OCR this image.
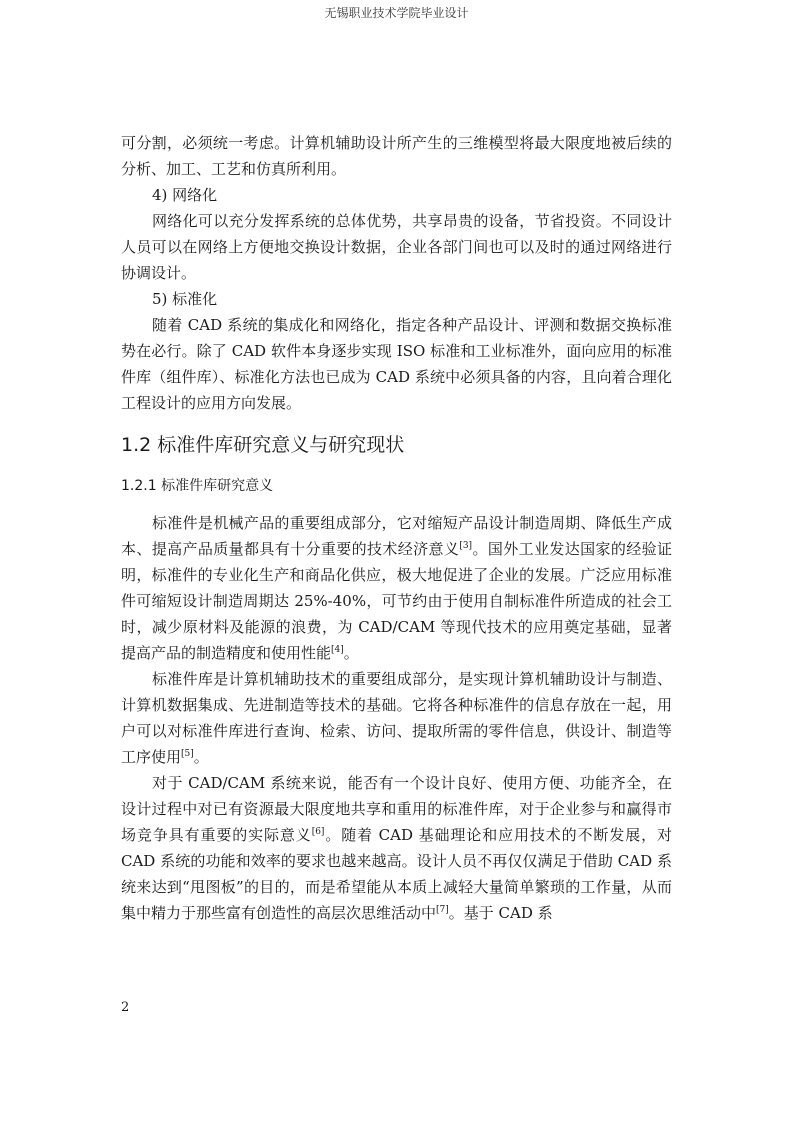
无锡职业技术学院毕业设计

可分割，必须统一考虑。计算机辅助设计所产生的三维模型将最大限度地被后续的分析、加工、工艺和仿真所利用。

4) 网络化

网络化可以充分发挥系统的总体优势，共享昂贵的设备，节省投资。不同设计人员可以在网络上方便地交换设计数据，企业各部门间也可以及时的通过网络进行协调设计。

5) 标准化

随着 CAD 系统的集成化和网络化，指定各种产品设计、评测和数据交换标准势在必行。除了 CAD 软件本身逐步实现 ISO 标准和工业标准外，面向应用的标准件库（组件库）、标准化方法也已成为 CAD 系统中必须具备的内容，且向着合理化工程设计的应用方向发展。

1.2 标准件库研究意义与研究现状
1.2.1 标准件库研究意义

标准件是机械产品的重要组成部分，它对缩短产品设计制造周期、降低生产成本、提高产品质量都具有十分重要的技术经济意义[3]。国外工业发达国家的经验证明，标准件的专业化生产和商品化供应，极大地促进了企业的发展。广泛应用标准件可缩短设计制造周期达 25%-40%，可节约由于使用自制标准件所造成的社会工时，减少原材料及能源的浪费，为 CAD/CAM 等现代技术的应用奠定基础，显著提高产品的制造精度和使用性能[4]。

标准件库是计算机辅助技术的重要组成部分，是实现计算机辅助设计与制造、计算机数据集成、先进制造等技术的基础。它将各种标准件的信息存放在一起，用户可以对标准件库进行查询、检索、访问、提取所需的零件信息，供设计、制造等工序使用[5]。

对于 CAD/CAM 系统来说，能否有一个设计良好、使用方便、功能齐全，在设计过程中对已有资源最大限度地共享和重用的标准件库，对于企业参与和赢得市场竞争具有重要的实际意义[6]。随着 CAD 基础理论和应用技术的不断发展，对 CAD 系统的功能和效率的要求也越来越高。设计人员不再仅仅满足于借助 CAD 系统来达到“甩图板”的目的，而是希望能从本质上减轻大量简单繁琐的工作量，从而集中精力于那些富有创造性的高层次思维活动中[7]。基于 CAD 系

2
